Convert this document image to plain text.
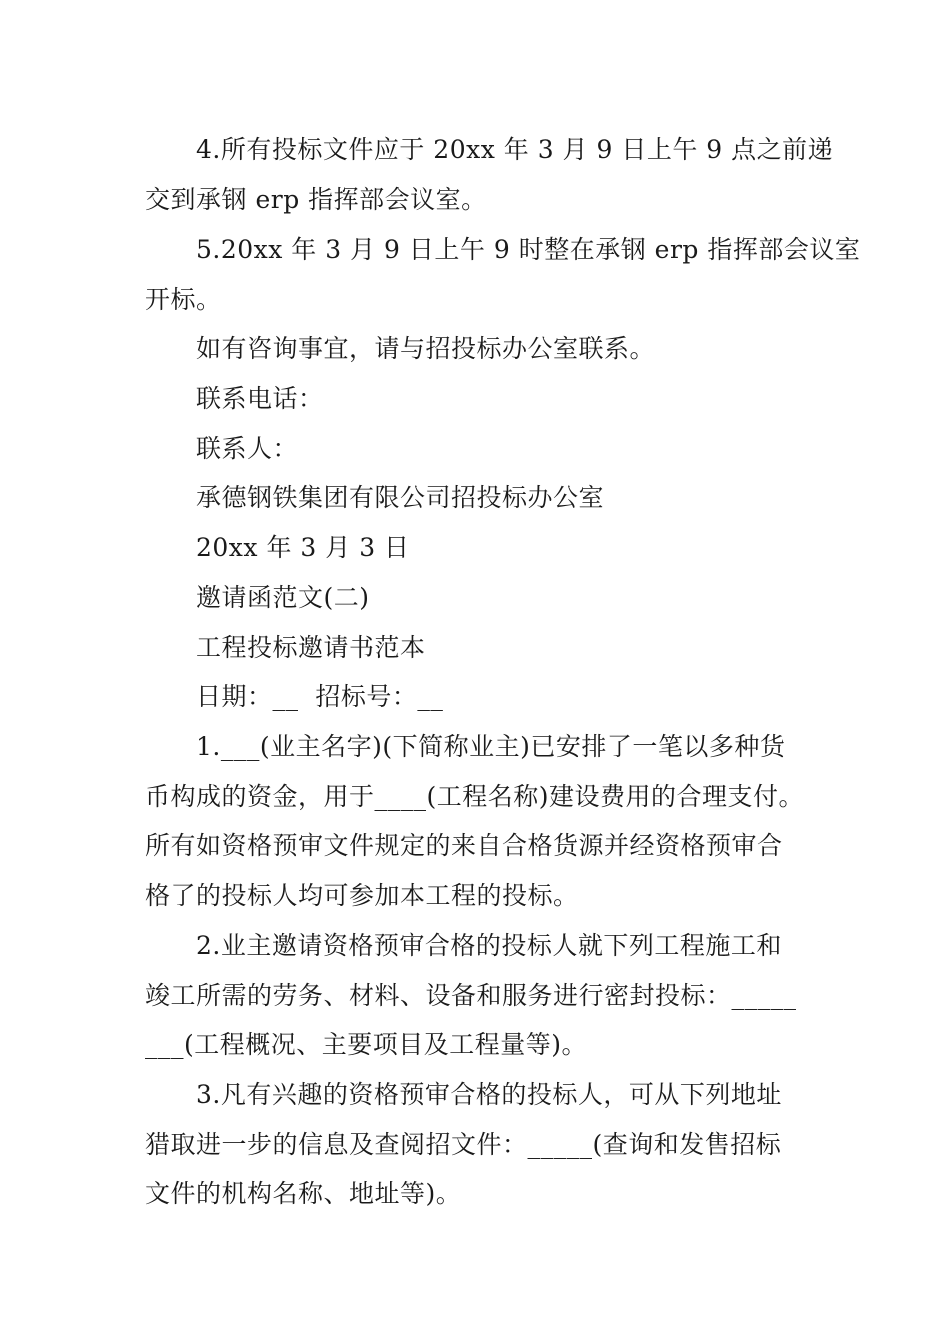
4.所有投标文件应于 20xx 年 3 月 9 日上午 9 点之前递
交到承钢 erp 指挥部会议室。
5.20xx 年 3 月 9 日上午 9 时整在承钢 erp 指挥部会议室
开标。
如有咨询事宜，请与招投标办公室联系。
联系电话：
联系人：
承德钢铁集团有限公司招投标办公室
20xx 年 3 月 3 日
邀请函范文(二)
工程投标邀请书范本
日期：__  招标号：__
1.___(业主名字)(下简称业主)已安排了一笔以多种货
币构成的资金，用于____(工程名称)建设费用的合理支付。
所有如资格预审文件规定的来自合格货源并经资格预审合
格了的投标人均可参加本工程的投标。
2.业主邀请资格预审合格的投标人就下列工程施工和
竣工所需的劳务、材料、设备和服务进行密封投标：_____
___(工程概况、主要项目及工程量等)。
3.凡有兴趣的资格预审合格的投标人，可从下列地址
猎取进一步的信息及查阅招文件：_____(查询和发售招标
文件的机构名称、地址等)。
